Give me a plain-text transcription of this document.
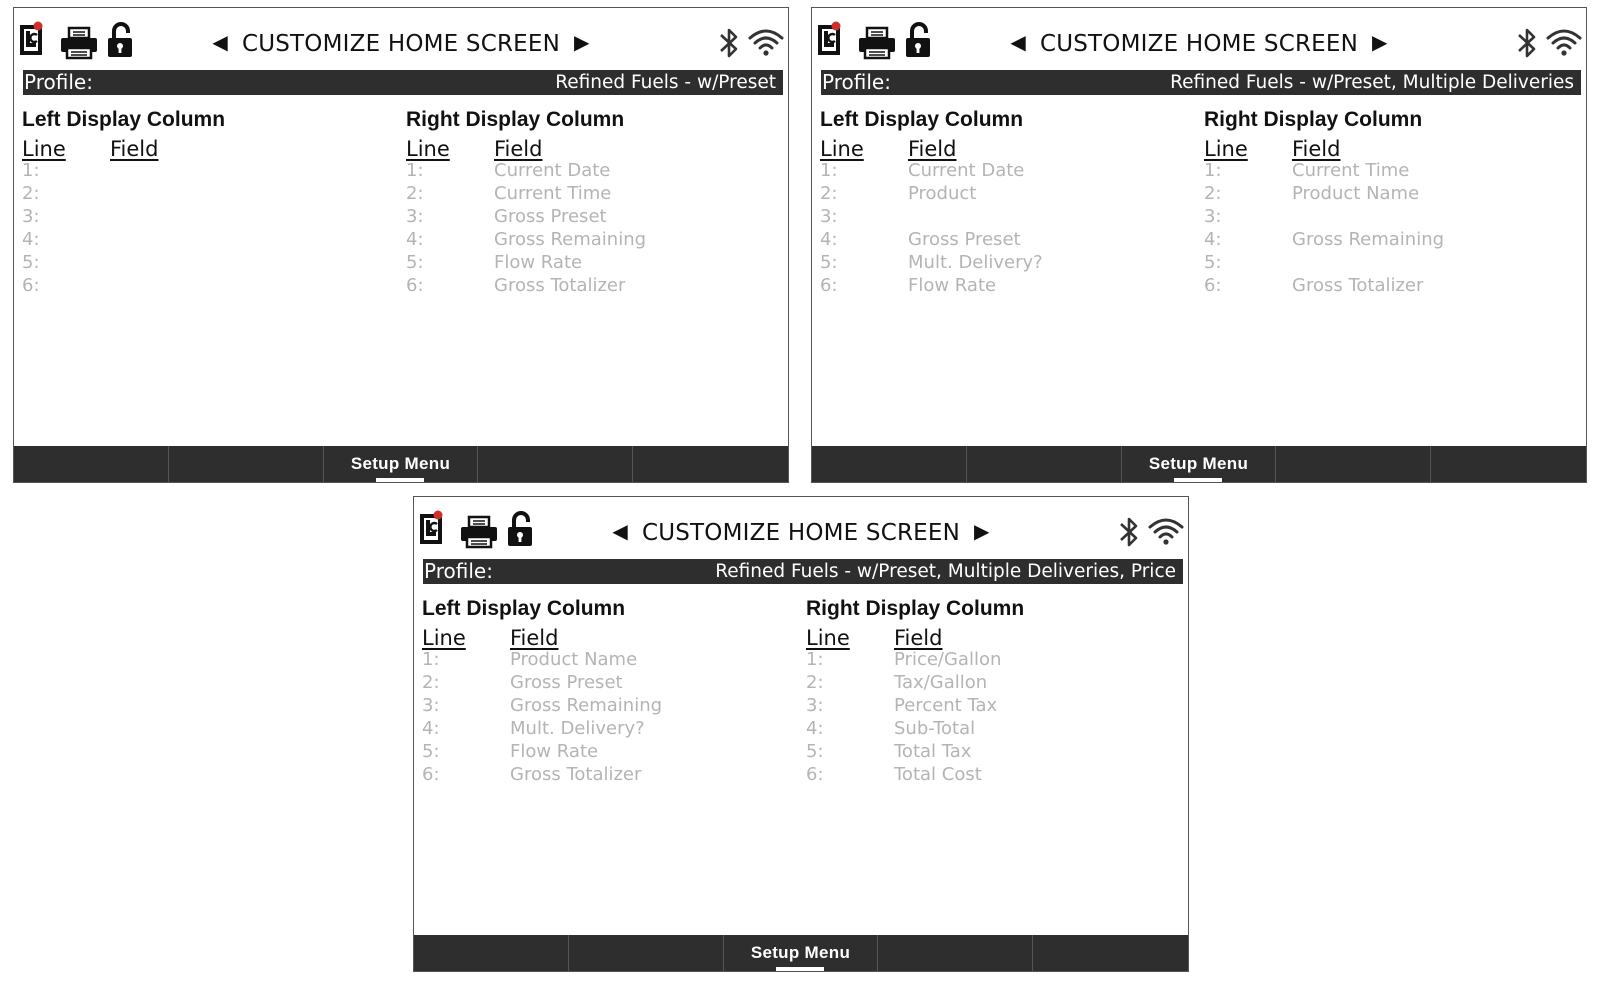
◀ CUSTOMIZE HOME SCREEN ▶
Profile:	Refined Fuels - w/Preset
Left Display Column
Line Field
1:
2:
3:
4:
5:
6:
Right Display Column
Line Field
1:	Current Date
2:	Current Time
3:	Gross Preset
4:	Gross Remaining
5:	Flow Rate
6:	Gross Totalizer
Setup Menu
◀ CUSTOMIZE HOME SCREEN ▶
Profile:	Refined Fuels - w/Preset, Multiple Deliveries
Left Display Column
Line Field
1:	Current Date
2:	Product
3:
4:	Gross Preset
5:	Mult. Delivery?
6:	Flow Rate
Right Display Column
Line Field
1:	Current Time
2:	Product Name
3:
4:	Gross Remaining
5:
6:	Gross Totalizer
Setup Menu
◀ CUSTOMIZE HOME SCREEN ▶
Profile:	Refined Fuels - w/Preset, Multiple Deliveries, Price
Left Display Column
Line Field
1:	Product Name
2:	Gross Preset
3:	Gross Remaining
4:	Mult. Delivery?
5:	Flow Rate
6:	Gross Totalizer
Right Display Column
Line Field
1:	Price/Gallon
2:	Tax/Gallon
3:	Percent Tax
4:	Sub-Total
5:	Total Tax
6:	Total Cost
Setup Menu
